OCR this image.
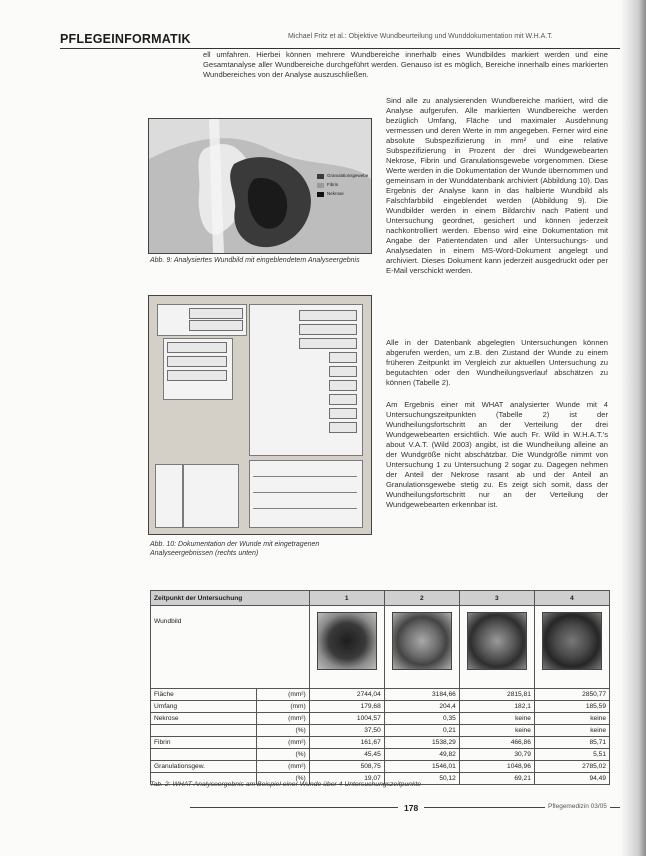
PFLEGEINFORMATIK	Michael Fritz et al.: Objektive Wundbeurteilung und Wunddokumentation mit W.H.A.T.

ell umfahren. Hierbei können mehrere Wundbereiche innerhalb eines Wundbildes markiert werden und eine Gesamtanalyse aller Wundbereiche durchgeführt werden. Genauso ist es möglich, Bereiche innerhalb eines markierten Wundbereiches von der Analyse auszuschließen.

Granulationsgewebe
Fibrin
Nekrose
Abb. 9: Analysiertes Wundbild mit eingeblendetem Analyseergebnis

Sind alle zu analysierenden Wundbereiche markiert, wird die Analyse aufgerufen. Alle markierten Wundbereiche werden bezüglich Umfang, Fläche und maximaler Ausdehnung vermessen und deren Werte in mm angegeben. Ferner wird eine absolute Subspezifizierung in mm² und eine relative Subspezifizierung in Prozent der drei Wundgewebearten Nekrose, Fibrin und Granulationsgewebe vorgenommen. Diese Werte werden in die Dokumentation der Wunde übernommen und gemeinsam in der Wunddatenbank archiviert (Abbildung 10). Das Ergebnis der Analyse kann in das halbierte Wundbild als Falschfarbbild eingeblendet werden (Abbildung 9). Die Wundbilder werden in einem Bildarchiv nach Patient und Untersuchung geordnet, gesichert und können jederzeit nachkontrolliert werden. Ebenso wird eine Dokumentation mit Angabe der Patientendaten und aller Untersuchungs- und Analysedaten in einem MS-Word-Dokument angelegt und archiviert. Dieses Dokument kann jederzeit ausgedruckt oder per E-Mail verschickt werden.

Abb. 10: Dokumentation der Wunde mit eingetragenen Analyseergebnissen (rechts unten)

Alle in der Datenbank abgelegten Untersuchungen können abgerufen werden, um z.B. den Zustand der Wunde zu einem früheren Zeitpunkt im Vergleich zur aktuellen Untersuchung zu begutachten oder den Wundheilungsverlauf abschätzen zu können (Tabelle 2).

Am Ergebnis einer mit WHAT analysierter Wunde mit 4 Untersuchungszeitpunkten (Tabelle 2) ist der Wundheilungsfortschritt an der Verteilung der drei Wundgewebearten ersichtlich. Wie auch Fr. Wild in W.H.A.T.'s about V.A.T. (Wild 2003) angibt, ist die Wundheilung alleine an der Wundgröße nicht abschätzbar. Die Wundgröße nimmt von Untersuchung 1 zu Untersuchung 2 sogar zu. Dagegen nehmen der Anteil der Nekrose rasant ab und der Anteil an Granulationsgewebe stetig zu. Es zeigt sich somit, dass der Wundheilungsfortschritt nur an der Verteilung der Wundgewebearten erkennbar ist.

Zeitpunkt der Untersuchung		1	2	3	4
Wundbild		

Fläche	(mm²)	2744,04	3184,66	2815,81	2850,77
Umfang	(mm)	179,68	204,4	182,1	185,59
Nekrose	(mm²)	1004,57	0,35	keine	keine
	(%)	37,50	0,21	keine	keine
Fibrin	(mm²)	161,67	1538,29	466,86	85,71
	(%)	45,45	49,82	30,79	5,51
Granulationsgew.	(mm²)	508,75	1546,01	1048,96	2785,02
	(%)	19,07	50,12	69,21	94,49
Tab. 2: WHAT-Analyseergebnis am Beispiel einer Wunde über 4 Untersuchungszeitpunkte
178	Pflegemedizin 03/05
